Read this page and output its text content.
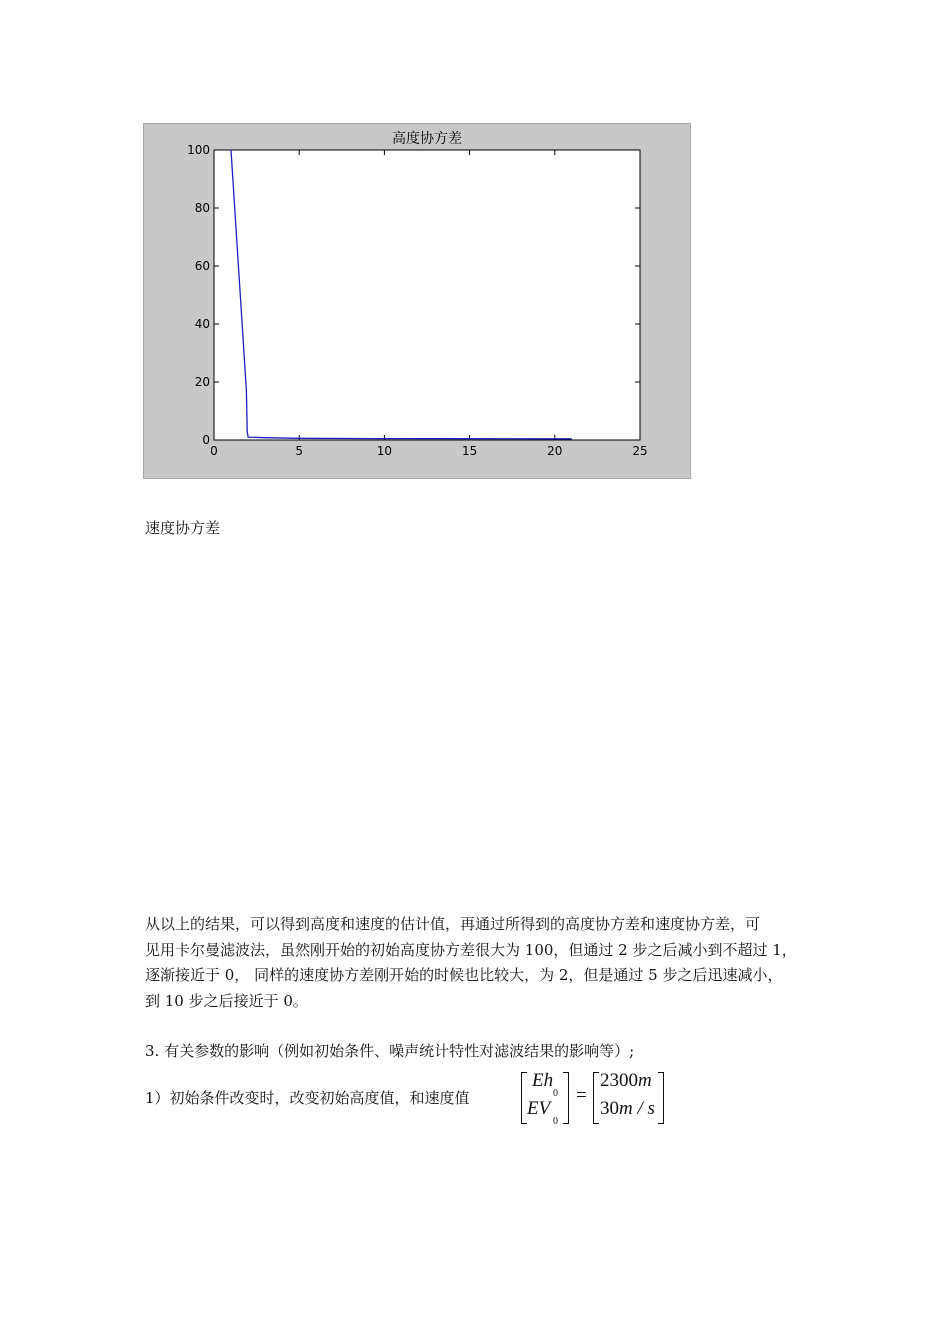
高度协方差
0	5	10	15	20	25
0
20
40
60
80
100
速度协方差

从以上的结果，可以得到高度和速度的估计值，再通过所得到的高度协方差和速度协方差，可

见用卡尔曼滤波法，虽然刚开始的初始高度协方差很大为 100，但通过 2 步之后减小到不超过 1，

逐渐接近于 0， 同样的速度协方差刚开始的时候也比较大，为 2，但是通过 5 步之后迅速减小，

到 10 步之后接近于 0。

3. 有关参数的影响（例如初始条件、噪声统计特性对滤波结果的影响等）;
1）初始条件改变时，改变初始高度值，和速度值
Eh
0
EV
0
=
2300m
30m / s
